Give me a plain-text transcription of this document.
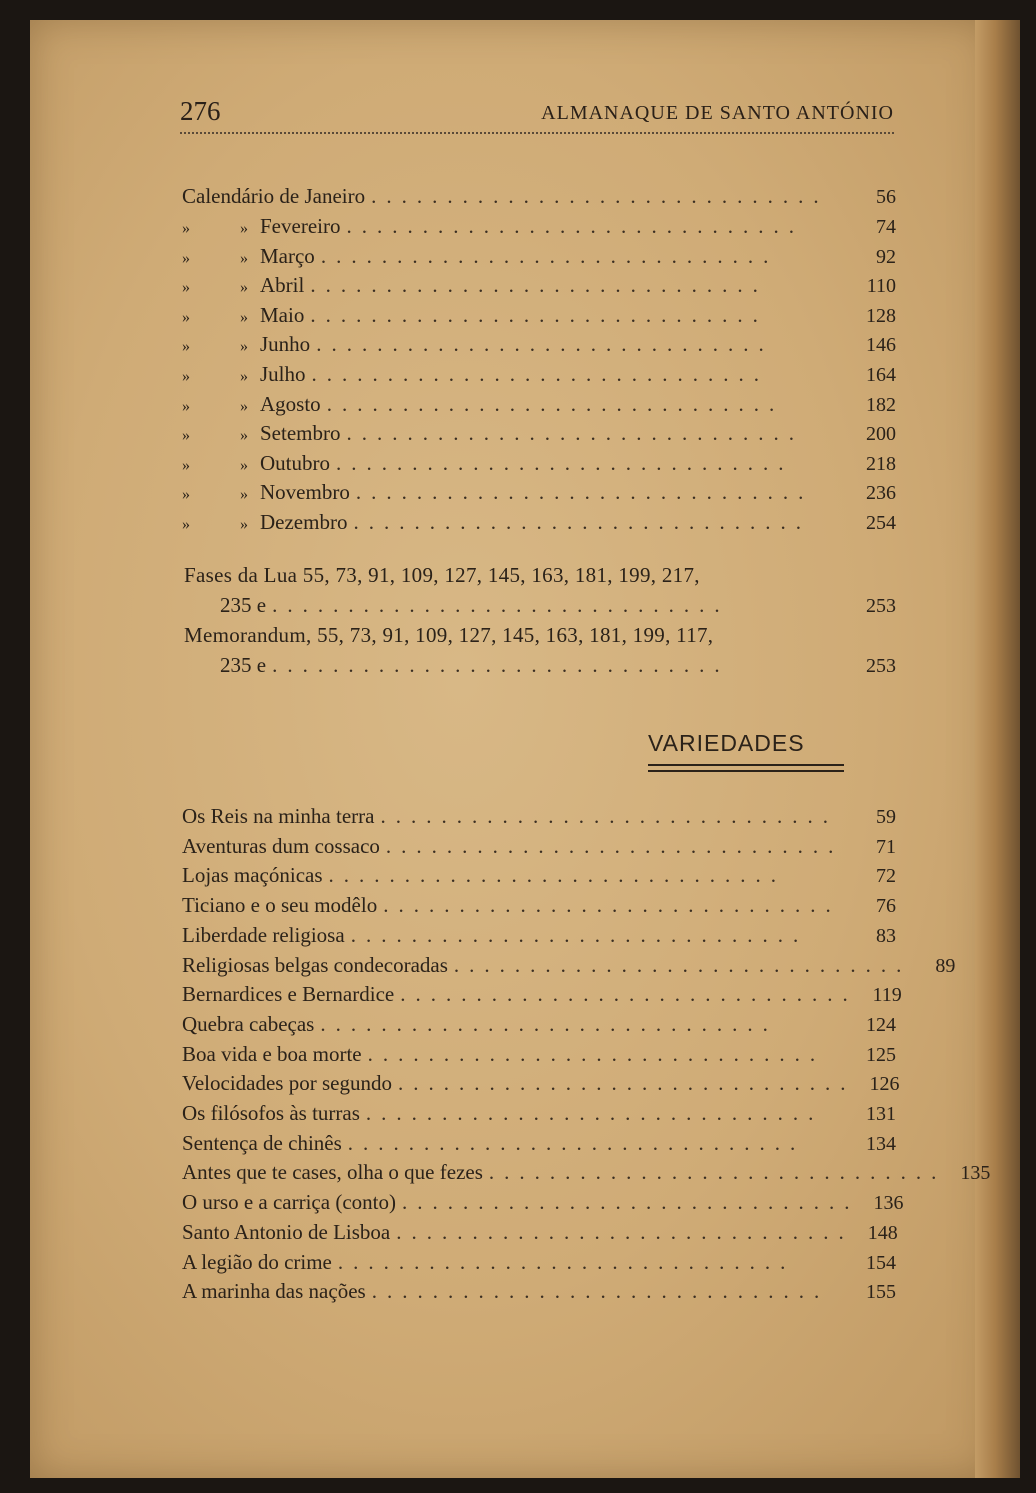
276	ALMANAQUE DE SANTO ANTÓNIO
Calendário de Janeiro ..............................	56
»	» Fevereiro ..............................	74
»	» Março ..............................	92
»	» Abril ..............................	110
»	» Maio ..............................	128
»	» Junho ..............................	146
»	» Julho ..............................	164
»	» Agosto ..............................	182
»	» Setembro ..............................	200
»	» Outubro ..............................	218
»	» Novembro ..............................	236
»	» Dezembro ..............................	254
Fases da Lua 55, 73, 91, 109, 127, 145, 163, 181, 199, 217,
235 e ..............................	253
Memorandum, 55, 73, 91, 109, 127, 145, 163, 181, 199, 117,
235 e ..............................	253
VARIEDADES
Os Reis na minha terra ..............................	59
Aventuras dum cossaco ..............................	71
Lojas maçónicas ..............................	72
Ticiano e o seu modêlo ..............................	76
Liberdade religiosa ..............................	83
Religiosas belgas condecoradas ..............................	89
Bernardices e Bernardice .............................. 119
Quebra cabeças ..............................	124
Boa vida e boa morte ..............................	125
Velocidades por segundo .............................. 126
Os filósofos às turras ..............................	131
Sentença de chinês ..............................	134
Antes que te cases, olha o que fezes .............................. 135
O urso e a carriça (conto) .............................. 136
Santo Antonio de Lisboa .............................. 148
A legião do crime ..............................	154
A marinha das nações ..............................	155
